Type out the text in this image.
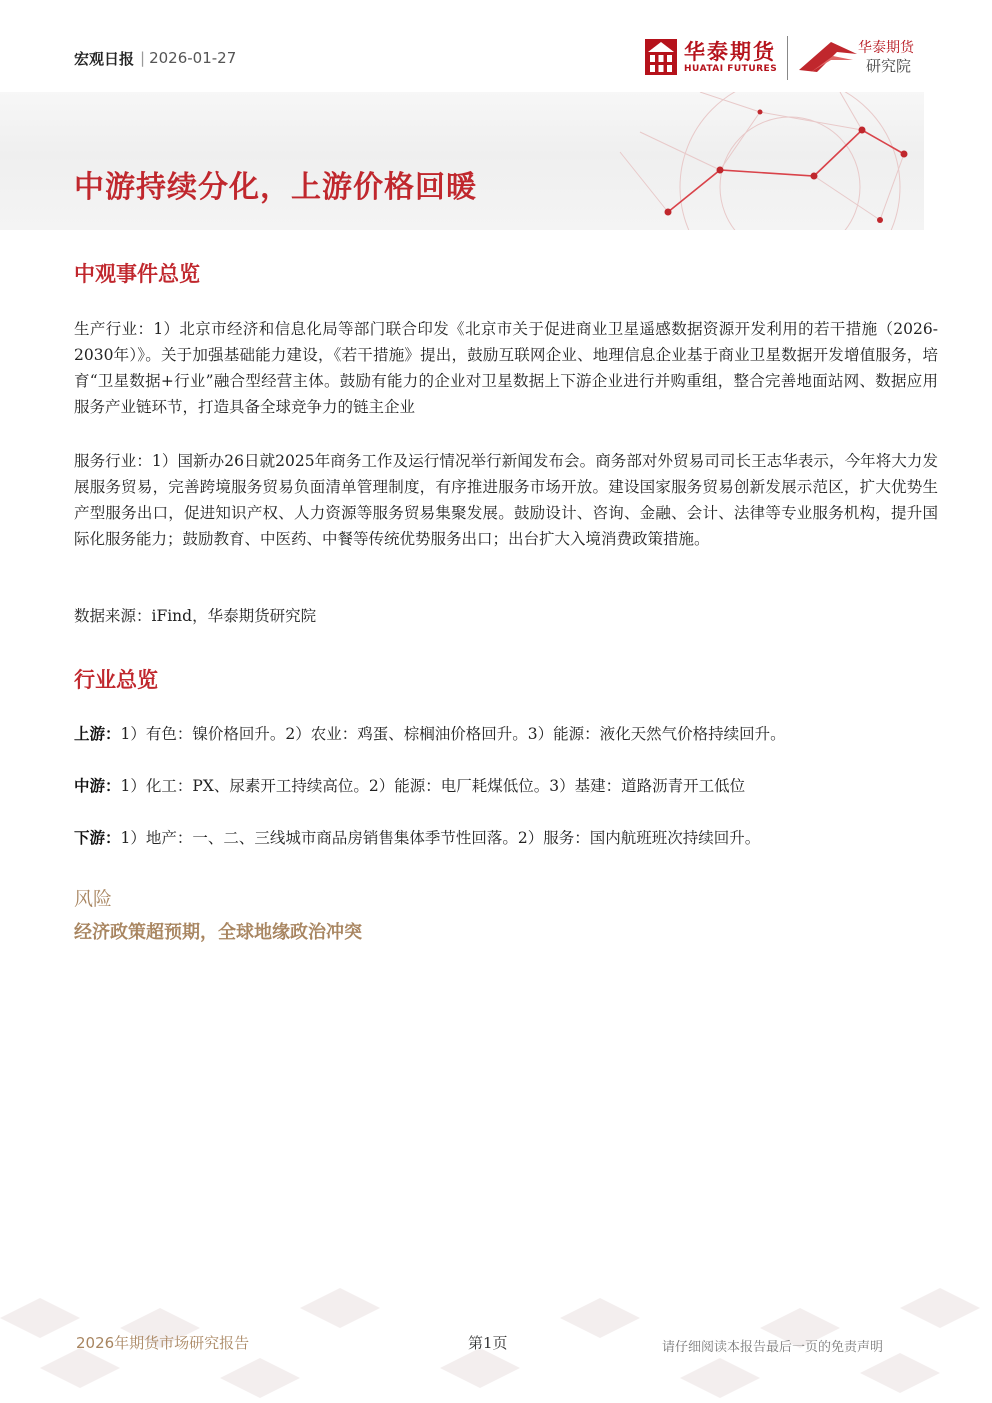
宏观日报 | 2026-01-27	华泰期货
HUATAI FUTURES
华泰期货
研究院
中游持续分化，上游价格回暖
中观事件总览
生产行业：1）北京市经济和信息化局等部门联合印发《北京市关于促进商业卫星遥感数据资源开发利用的若干措施（2026-2030年）》。关于加强基础能力建设，《若干措施》提出，鼓励互联网企业、地理信息企业基于商业卫星数据开发增值服务，培育“卫星数据+行业”融合型经营主体。鼓励有能力的企业对卫星数据上下游企业进行并购重组，整合完善地面站网、数据应用服务产业链环节，打造具备全球竞争力的链主企业
服务行业：1）国新办26日就2025年商务工作及运行情况举行新闻发布会。商务部对外贸易司司长王志华表示，今年将大力发展服务贸易，完善跨境服务贸易负面清单管理制度，有序推进服务市场开放。建设国家服务贸易创新发展示范区，扩大优势生产型服务出口，促进知识产权、人力资源等服务贸易集聚发展。鼓励设计、咨询、金融、会计、法律等专业服务机构，提升国际化服务能力；鼓励教育、中医药、中餐等传统优势服务出口；出台扩大入境消费政策措施。
数据来源：iFind，华泰期货研究院
行业总览
上游：1）有色：镍价格回升。2）农业：鸡蛋、棕榈油价格回升。3）能源：液化天然气价格持续回升。
中游：1）化工：PX、尿素开工持续高位。2）能源：电厂耗煤低位。3）基建：道路沥青开工低位
下游：1）地产：一、二、三线城市商品房销售集体季节性回落。2）服务：国内航班班次持续回升。
风险
经济政策超预期，全球地缘政治冲突
2026年期货市场研究报告	第1页	请仔细阅读本报告最后一页的免责声明
